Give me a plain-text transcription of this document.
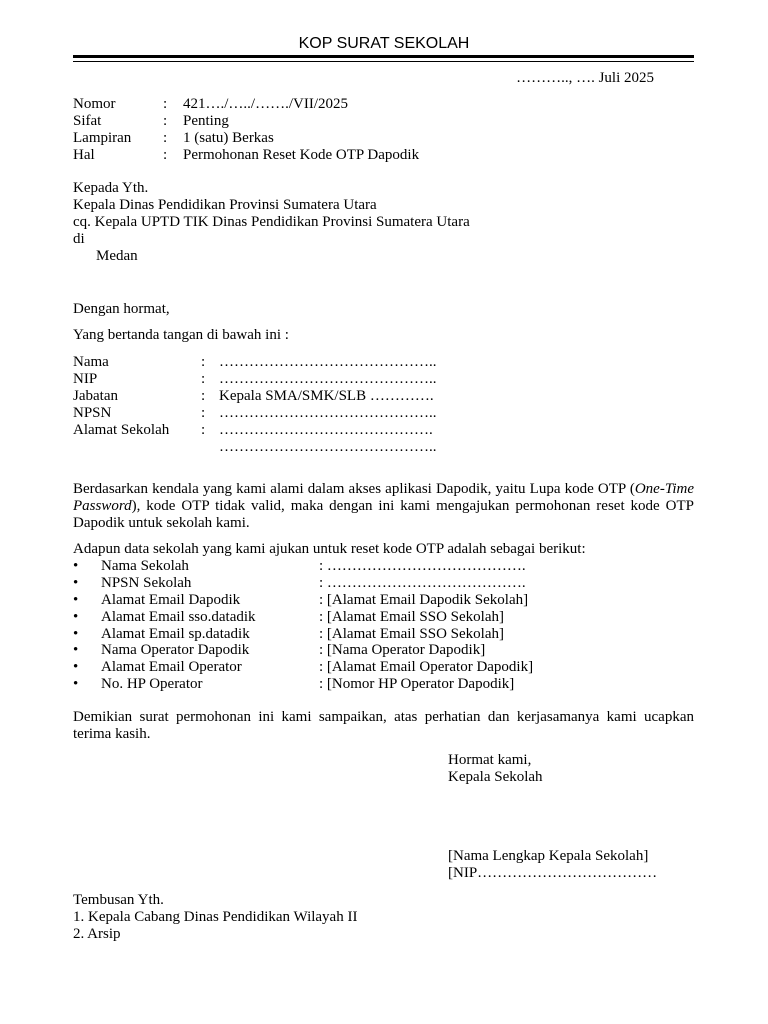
KOP SURAT SEKOLAH
……….., …. Juli 2025
Nomor	: 421…./…../……./VII/2025
Sifat	: Penting
Lampiran : 1 (satu) Berkas
Hal	: Permohonan Reset Kode OTP Dapodik
Kepada Yth.
Kepala Dinas Pendidikan Provinsi Sumatera Utara
cq. Kepala UPTD TIK Dinas Pendidikan Provinsi Sumatera Utara
di
Medan
Dengan hormat,
Yang bertanda tangan di bawah ini :
Nama	: ……………………………………..
NIP	: ……………………………………..
Jabatan	: Kepala SMA/SMK/SLB ………….
NPSN	: ……………………………………..
Alamat Sekolah : …………………………………….
……………………………………..
Berdasarkan kendala yang kami alami dalam akses aplikasi Dapodik, yaitu Lupa kode OTP (One-Time Password), kode OTP tidak valid, maka dengan ini kami mengajukan permohonan reset kode OTP Dapodik untuk sekolah kami.
Adapun data sekolah yang kami ajukan untuk reset kode OTP adalah sebagai berikut:
• Nama Sekolah	: ………………………………….
• NPSN Sekolah	: ………………………………….
• Alamat Email Dapodik	: [Alamat Email Dapodik Sekolah]
• Alamat Email sso.datadik	: [Alamat Email SSO Sekolah]
• Alamat Email sp.datadik	: [Alamat Email SSO Sekolah]
• Nama Operator Dapodik	: [Nama Operator Dapodik]
• Alamat Email Operator	: [Alamat Email Operator Dapodik]
• No. HP Operator	: [Nomor HP Operator Dapodik]
Demikian surat permohonan ini kami sampaikan, atas perhatian dan kerjasamanya kami ucapkan terima kasih.
Hormat kami,
Kepala Sekolah
[Nama Lengkap Kepala Sekolah]
[NIP………………………………
Tembusan Yth.
1. Kepala Cabang Dinas Pendidikan Wilayah II
2. Arsip
